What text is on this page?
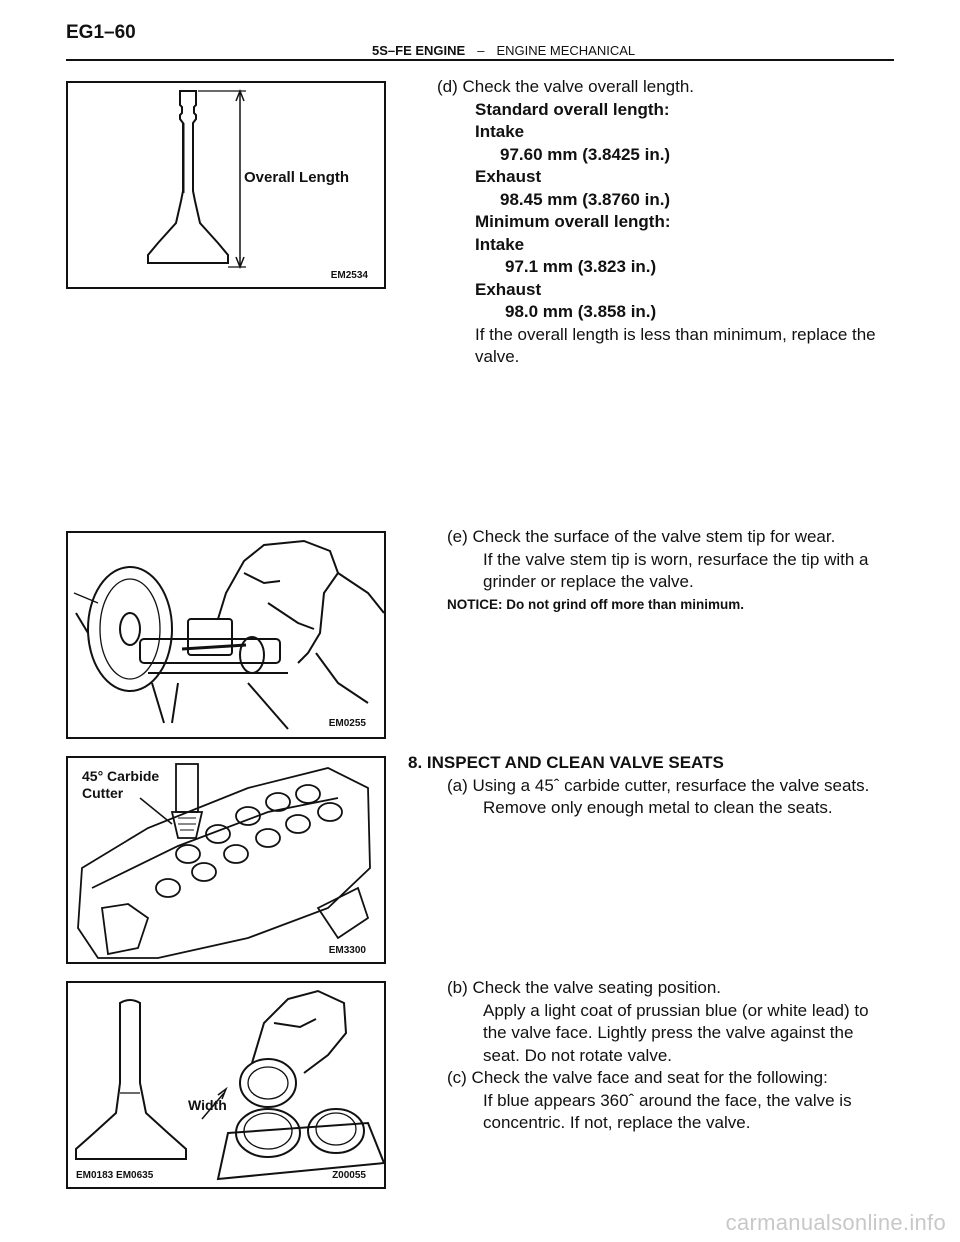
EG1–60
5S–FE ENGINE – ENGINE MECHANICAL
EM2534
Overall Length
(d) Check the valve overall length.
Standard overall length:
Intake
97.60 mm (3.8425 in.)
Exhaust
98.45 mm (3.8760 in.)
Minimum overall length:
Intake
97.1 mm (3.823 in.)
Exhaust
98.0 mm (3.858 in.)
If the overall length is less than minimum, replace the
valve.
EM0255
(e) Check the surface of the valve stem tip for wear.
If the valve stem tip is worn, resurface the tip with a
grinder or replace the valve.
NOTICE: Do not grind off more than minimum.
45° Carbide
Cutter
EM3300
8. INSPECT AND CLEAN VALVE SEATS
(a) Using a 45ˆ carbide cutter, resurface the valve seats.
Remove only enough metal to clean the seats.
Width
EM0183 EM0635	Z00055
(b) Check the valve seating position.
Apply a light coat of prussian blue (or white lead) to
the valve face. Lightly press the valve against the
seat. Do not rotate valve.
(c) Check the valve face and seat for the following:
If blue appears 360ˆ around the face, the valve is
concentric. If not, replace the valve.
carmanualsonline.info
